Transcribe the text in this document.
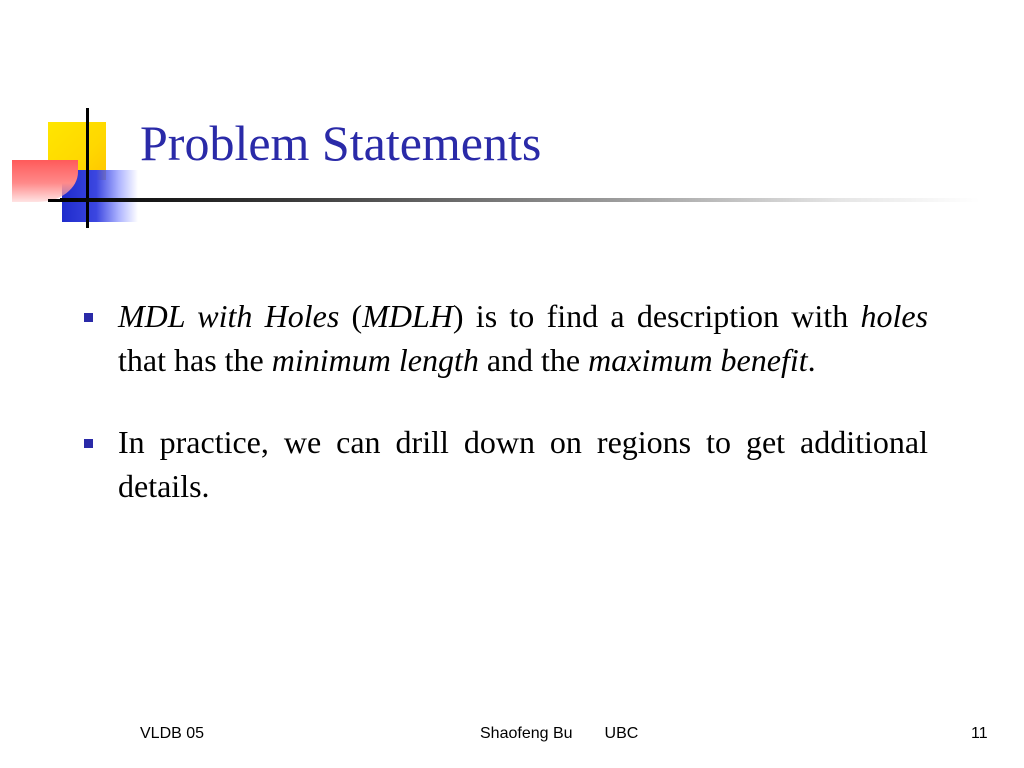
Problem Statements
MDL with Holes (MDLH) is to find a description with holes that has the minimum length and the maximum benefit.
In practice, we can drill down on regions to get additional details.
VLDB 05	Shaofeng Bu UBC	11
